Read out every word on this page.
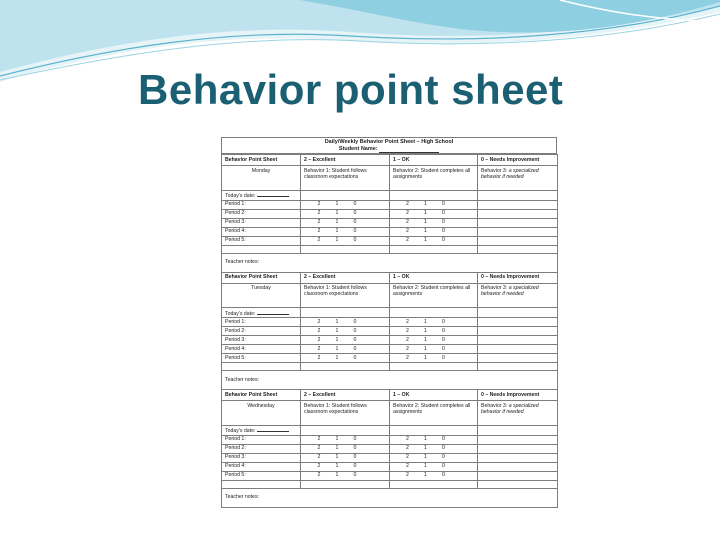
Behavior point sheet
Daily/Weekly Behavior Point Sheet – High School
Student Name:
Behavior Point Sheet	2 – Excellent	1 – OK	0 – Needs Improvement
Monday	Behavior 1: Student follows classroom expectations	Behavior 2: Student completes all assignments	Behavior 3: a specialized behavior if needed
Today's date:			
Period 1:	2 1 0	2 1 0	

Period 2:	2 1 0	2 1 0	

Period 3:	2 1 0	2 1 0	

Period 4:	2 1 0	2 1 0	

Period 5:	2 1 0	2 1 0	

Teacher notes:			
Behavior Point Sheet	2 – Excellent	1 – OK	0 – Needs Improvement
Tuesday	Behavior 1: Student follows classroom expectations	Behavior 2: Student completes all assignments	Behavior 3: a specialized behavior if needed
Today's date:			
Period 1:	2 1 0	2 1 0	

Period 2:	2 1 0	2 1 0	

Period 3:	2 1 0	2 1 0	

Period 4:	2 1 0	2 1 0	

Period 5:	2 1 0	2 1 0	

Teacher notes:			
Behavior Point Sheet	2 – Excellent	1 – OK	0 – Needs Improvement
Wednesday	Behavior 1: Student follows classroom expectations	Behavior 2: Student completes all assignments	Behavior 3: a specialized behavior if needed
Today's date:			
Period 1:	2 1 0	2 1 0	

Period 2:	2 1 0	2 1 0	

Period 3:	2 1 0	2 1 0	

Period 4:	2 1 0	2 1 0	

Period 5:	2 1 0	2 1 0	

Teacher notes:			
